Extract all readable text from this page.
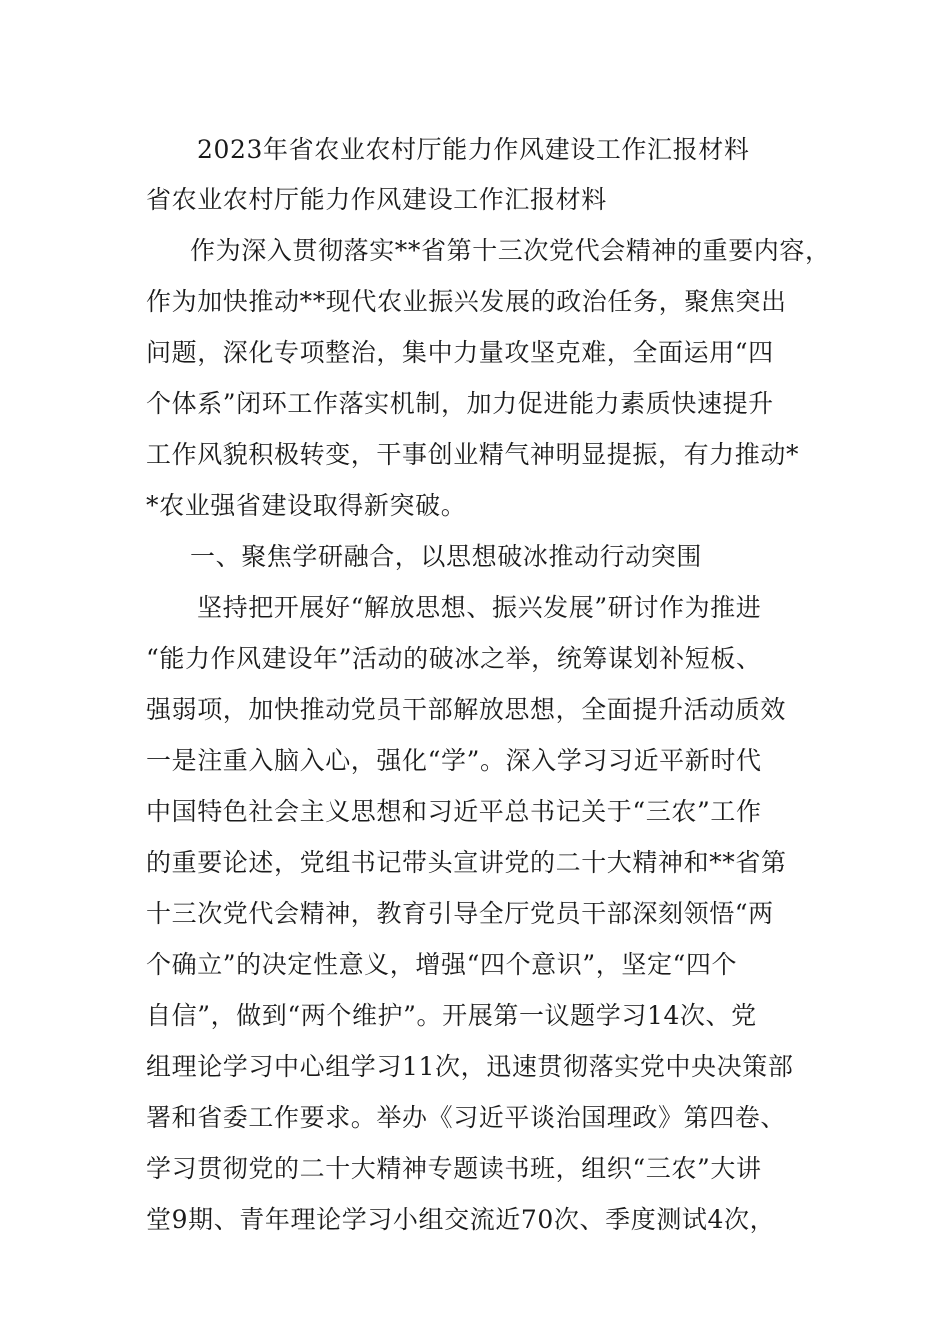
2023年省农业农村厅能力作风建设工作汇报材料
省农业农村厅能力作风建设工作汇报材料
作为深入贯彻落实**省第十三次党代会精神的重要内容，
作为加快推动**现代农业振兴发展的政治任务，聚焦突出
问题，深化专项整治，集中力量攻坚克难，全面运用“四
个体系”闭环工作落实机制，加力促进能力素质快速提升
工作风貌积极转变，干事创业精气神明显提振，有力推动*
*农业强省建设取得新突破。
一、聚焦学研融合，以思想破冰推动行动突围
坚持把开展好“解放思想、振兴发展”研讨作为推进
“能力作风建设年”活动的破冰之举，统筹谋划补短板、
强弱项，加快推动党员干部解放思想，全面提升活动质效
一是注重入脑入心，强化“学”。深入学习习近平新时代
中国特色社会主义思想和习近平总书记关于“三农”工作
的重要论述，党组书记带头宣讲党的二十大精神和**省第
十三次党代会精神，教育引导全厅党员干部深刻领悟“两
个确立”的决定性意义，增强“四个意识”，坚定“四个
自信”，做到“两个维护”。开展第一议题学习14次、党
组理论学习中心组学习11次，迅速贯彻落实党中央决策部
署和省委工作要求。举办《习近平谈治国理政》第四卷、
学习贯彻党的二十大精神专题读书班，组织“三农”大讲
堂9期、青年理论学习小组交流近70次、季度测试4次，
